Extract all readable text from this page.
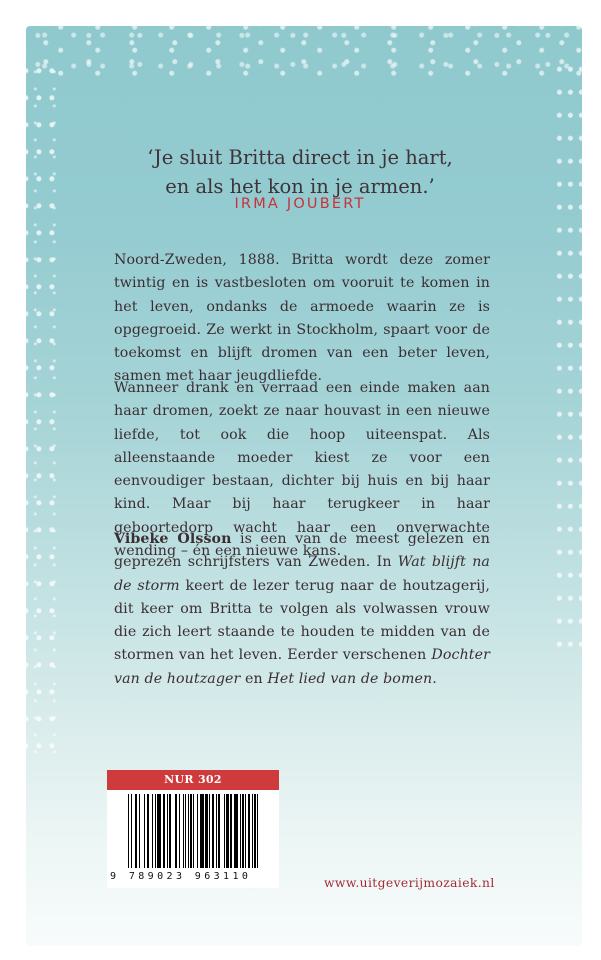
‘Je sluit Britta direct in je hart,
en als het kon in je armen.’
IRMA JOUBERT

Noord-Zweden, 1888. Britta wordt deze zomer twintig en is vastbesloten om vooruit te komen in het leven, ondanks de armoede waarin ze is opgegroeid. Ze werkt in Stockholm, spaart voor de toekomst en blijft dromen van een beter leven, samen met haar jeugdliefde.

Wanneer drank en verraad een einde maken aan haar dromen, zoekt ze naar houvast in een nieuwe liefde, tot ook die hoop uiteenspat. Als alleenstaande moeder kiest ze voor een eenvoudiger bestaan, dichter bij huis en bij haar kind. Maar bij haar terugkeer in haar geboortedorp wacht haar een onverwachte wending – én een nieuwe kans.

Vibeke Olsson is een van de meest gelezen en geprezen schrijfsters van Zweden. In Wat blijft na de storm keert de lezer terug naar de houtzagerij, dit keer om Britta te volgen als volwassen vrouw die zich leert staande te houden te midden van de stormen van het leven. Eerder verschenen Dochter van de houtzager en Het lied van de bomen.

NUR 302
9 789023 963110	www.uitgeverijmozaiek.nl
